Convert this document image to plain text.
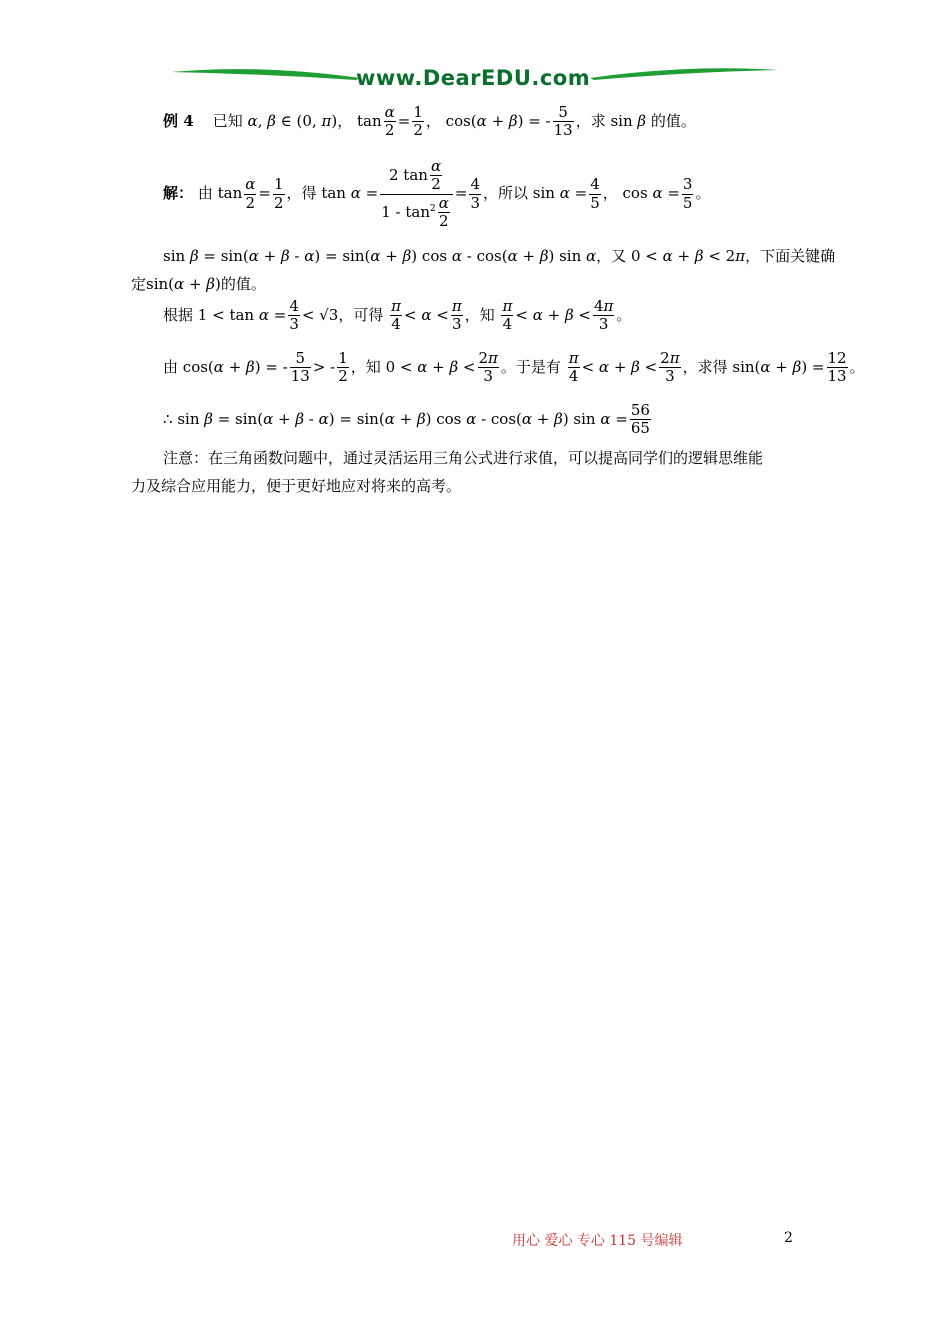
www.DearEDU.com
例 4 已知 α, β ∈ (0, π)， $\tan \frac{\alpha}{2} = \frac{1}{2}$ ， cos(α + β) = - $\frac{5}{13}$ ，求 sin β 的值。
解： 由 $\tan \frac{\alpha}{2} = \frac{1}{2}$ ，得 $\tan \alpha = \frac{2 \tan \frac{\alpha}{2}}{1 - \tan^2 \frac{\alpha}{2}} = \frac{4}{3}$ ，所以 $\sin \alpha = \frac{4}{5}$ ， $\cos \alpha = \frac{3}{5}$ 。
sin β = sin(α + β - α) = sin(α + β) cos α - cos(α + β) sin α，又 0 < α + β < 2π，下面关键确
定sin(α + β)的值。
根据 $1 < \tan \alpha = \frac{4}{3} < √3$，可得 $\frac{\pi}{4} < \alpha < \frac{\pi}{3}$ ，知 $\frac{\pi}{4} < \alpha + \beta < \frac{4\pi}{3}$ 。
由 cos(α + β) = - $\frac{5}{13}$ > - $\frac{1}{2}$ ，知 $0 < \alpha + \beta < \frac{2\pi}{3}$ 。于是有 $\frac{\pi}{4} < \alpha + \beta < \frac{2\pi}{3}$ ，求得 $\sin(\alpha + \beta) = \frac{12}{13}$ 。
∴ sin β = sin(α + β - α) = sin(α + β) cos α - cos(α + β) $\sin \alpha = \frac{56}{65}$
注意：在三角函数问题中，通过灵活运用三角公式进行求值，可以提高同学们的逻辑思维能
力及综合应用能力，便于更好地应对将来的高考。
用心 爱心 专心 115 号编辑	2
